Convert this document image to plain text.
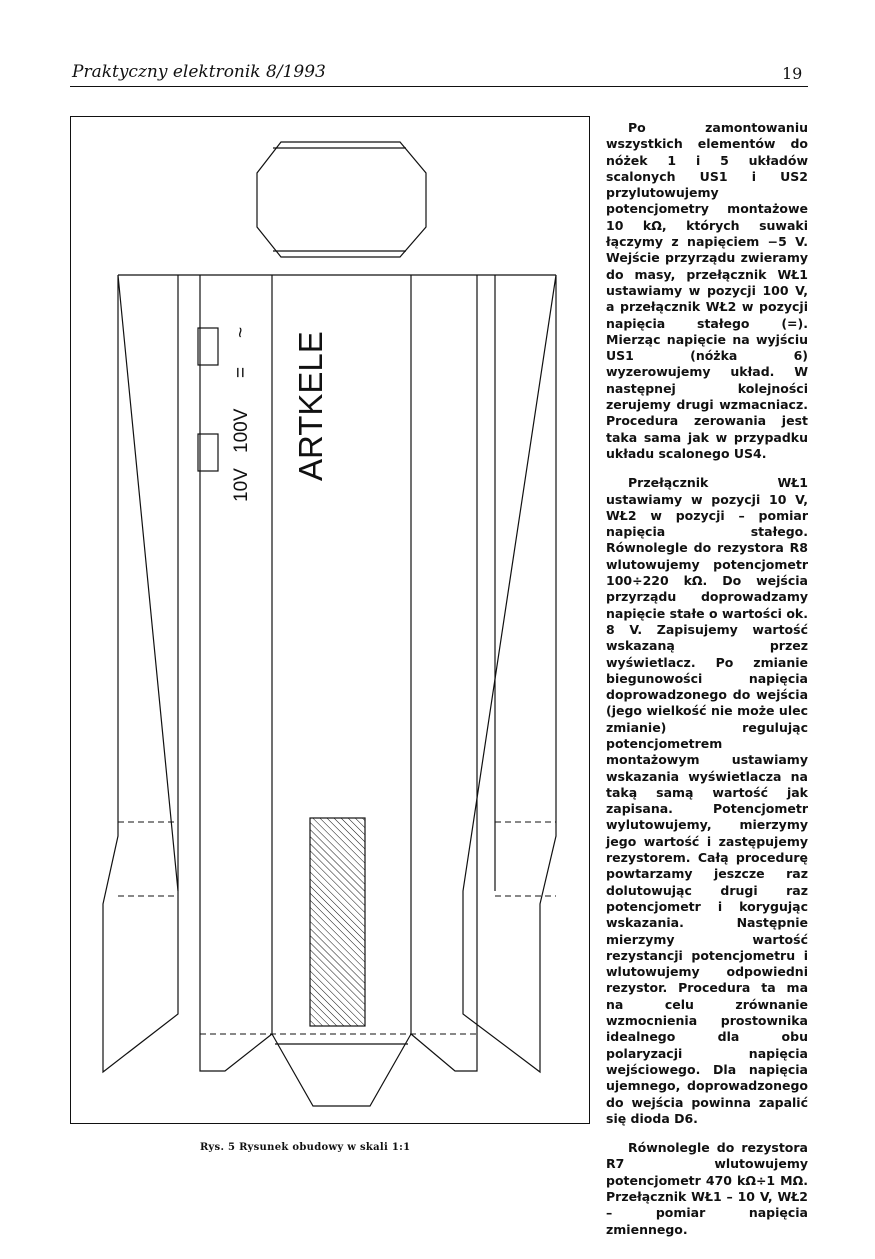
Praktyczny elektronik 8/1993	19
ARTKELE
10V
100V
=
~
Rys. 5 Rysunek obudowy w skali 1:1

Po zamontowaniu wszystkich elementów do nóżek 1 i 5 układów scalonych US1 i US2 przylutowujemy potencjometry montażowe 10 kΩ, których suwaki łączymy z napięciem −5 V. Wejście przyrządu zwieramy do masy, przełącznik WŁ1 ustawiamy w pozycji 100 V, a przełącznik WŁ2 w pozycji napięcia stałego (=). Mierząc napięcie na wyjściu US1 (nóżka 6) wyzerowujemy układ. W następnej kolejności zerujemy drugi wzmacniacz. Procedura zerowania jest taka sama jak w przypadku układu scalonego US4.

Przełącznik WŁ1 ustawiamy w pozycji 10 V, WŁ2 w pozycji – pomiar napięcia stałego. Równolegle do rezystora R8 wlutowujemy potencjometr 100÷220 kΩ. Do wejścia przyrządu doprowadzamy napięcie stałe o wartości ok. 8 V. Zapisujemy wartość wskazaną przez wyświetlacz. Po zmianie biegunowości napięcia doprowadzonego do wejścia (jego wielkość nie może ulec zmianie) regulując potencjometrem montażowym ustawiamy wskazania wyświetlacza na taką samą wartość jak zapisana. Potencjometr wylutowujemy, mierzymy jego wartość i zastępujemy rezystorem. Całą procedurę powtarzamy jeszcze raz dolutowując drugi raz potencjometr i korygując wskazania. Następnie mierzymy wartość rezystancji potencjometru i wlutowujemy odpowiedni rezystor. Procedura ta ma na celu zrównanie wzmocnienia prostownika idealnego dla obu polaryzacji napięcia wejściowego. Dla napięcia ujemnego, doprowadzonego do wejścia powinna zapalić się dioda D6.

Równolegle do rezystora R7 wlutowujemy potencjometr 470 kΩ÷1 MΩ. Przełącznik WŁ1 – 10 V, WŁ2 – pomiar napięcia zmiennego.
